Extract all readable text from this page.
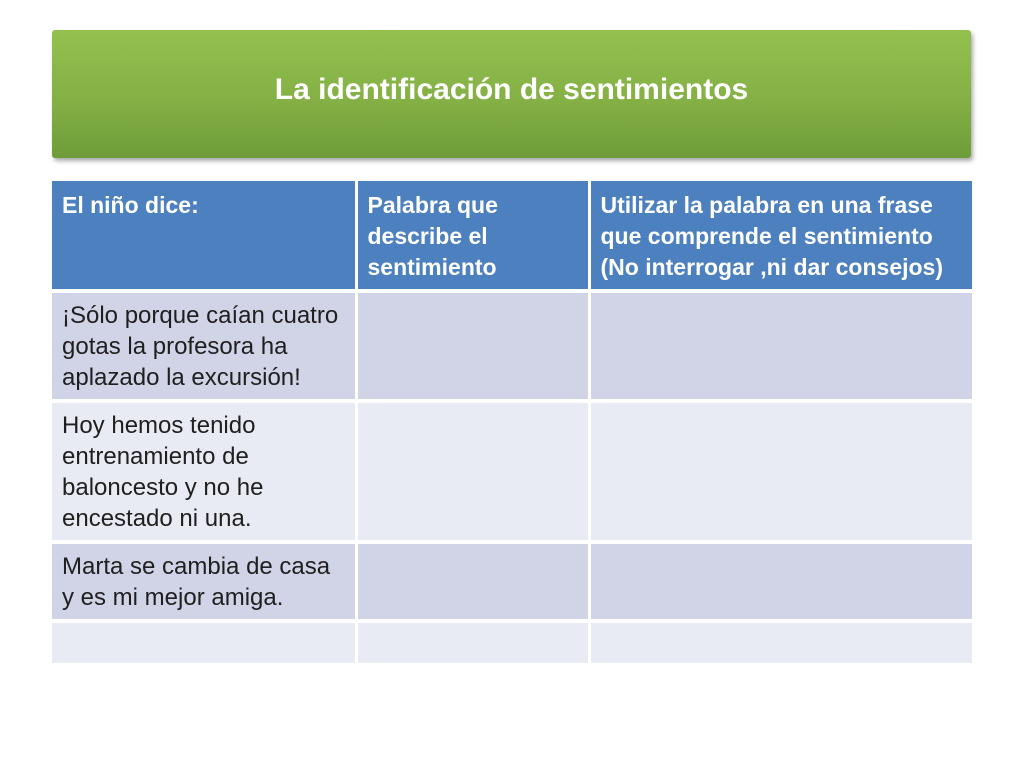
La identificación de sentimientos
El niño dice:	Palabra que describe el sentimiento	Utilizar la palabra en una frase que comprende el sentimiento (No interrogar ,ni dar consejos)
¡Sólo porque caían cuatro gotas la profesora ha aplazado la excursión!		
Hoy hemos tenido entrenamiento de baloncesto y no he encestado ni una.		
Marta se cambia de casa y es mi mejor amiga.		
